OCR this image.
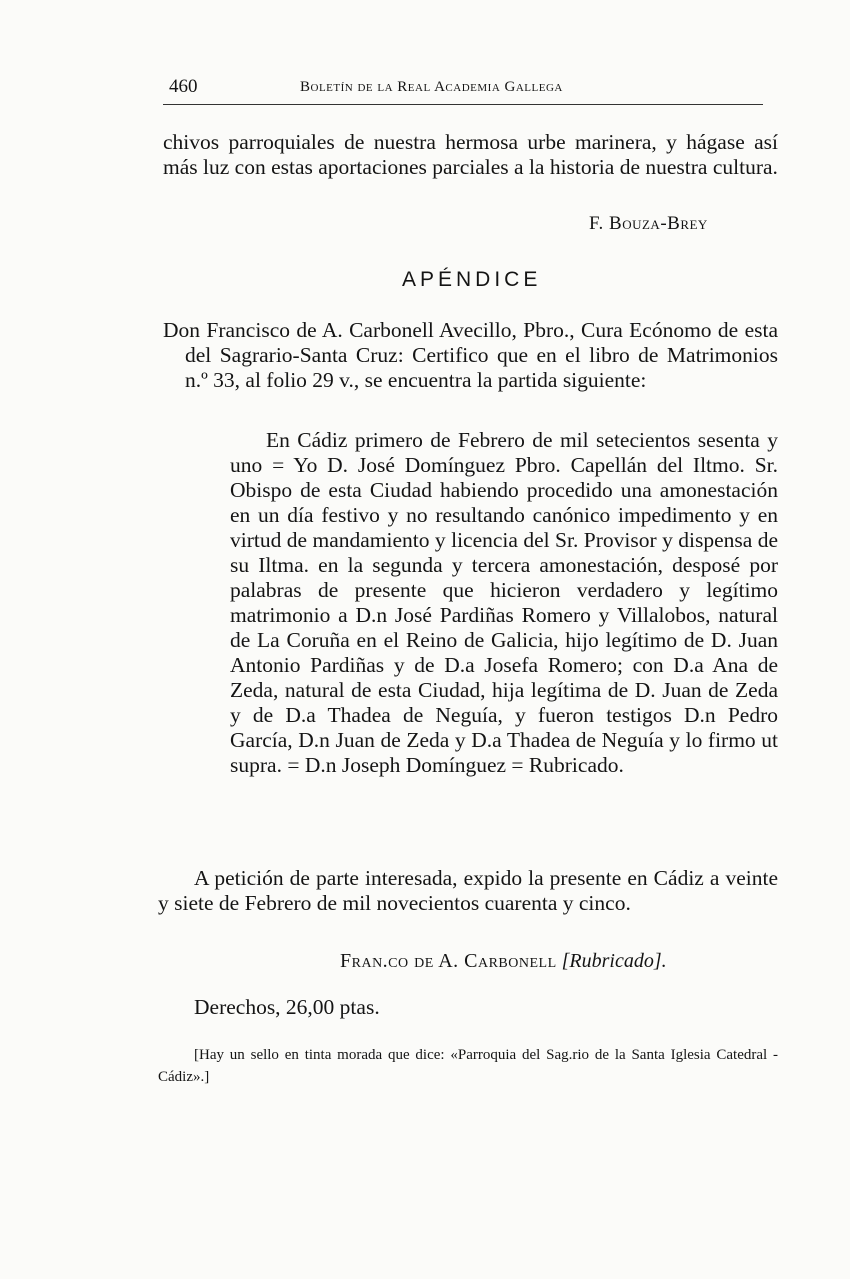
460	Boletín de la Real Academia Gallega

chivos parroquiales de nuestra hermosa urbe marinera, y hágase así más luz con estas aportaciones parciales a la historia de nuestra cultura.

F. Bouza-Brey
APÉNDICE

Don Francisco de A. Carbonell Avecillo, Pbro., Cura Ecónomo de esta del Sagrario-Santa Cruz: Certifico que en el libro de Matrimonios n.º 33, al folio 29 v., se encuentra la partida siguiente:

En Cádiz primero de Febrero de mil setecientos sesenta y uno = Yo D. José Domínguez Pbro. Capellán del Iltmo. Sr. Obispo de esta Ciudad habiendo procedido una amonestación en un día festivo y no resultando canónico impedimento y en virtud de mandamiento y licencia del Sr. Provisor y dispensa de su Iltma. en la segunda y tercera amonestación, desposé por palabras de presente que hicieron verdadero y legítimo matrimonio a D.n José Pardiñas Romero y Villalobos, natural de La Coruña en el Reino de Galicia, hijo legítimo de D. Juan Antonio Pardiñas y de D.a Josefa Romero; con D.a Ana de Zeda, natural de esta Ciudad, hija legítima de D. Juan de Zeda y de D.a Thadea de Neguía, y fueron testigos D.n Pedro García, D.n Juan de Zeda y D.a Thadea de Neguía y lo firmo ut supra. = D.n Joseph Domínguez = Rubricado.

A petición de parte interesada, expido la presente en Cádiz a veinte y siete de Febrero de mil novecientos cuarenta y cinco.

Fran.co de A. Carbonell [Rubricado].
Derechos, 26,00 ptas.

[Hay un sello en tinta morada que dice: «Parroquia del Sag.rio de la Santa Iglesia Catedral - Cádiz».]
